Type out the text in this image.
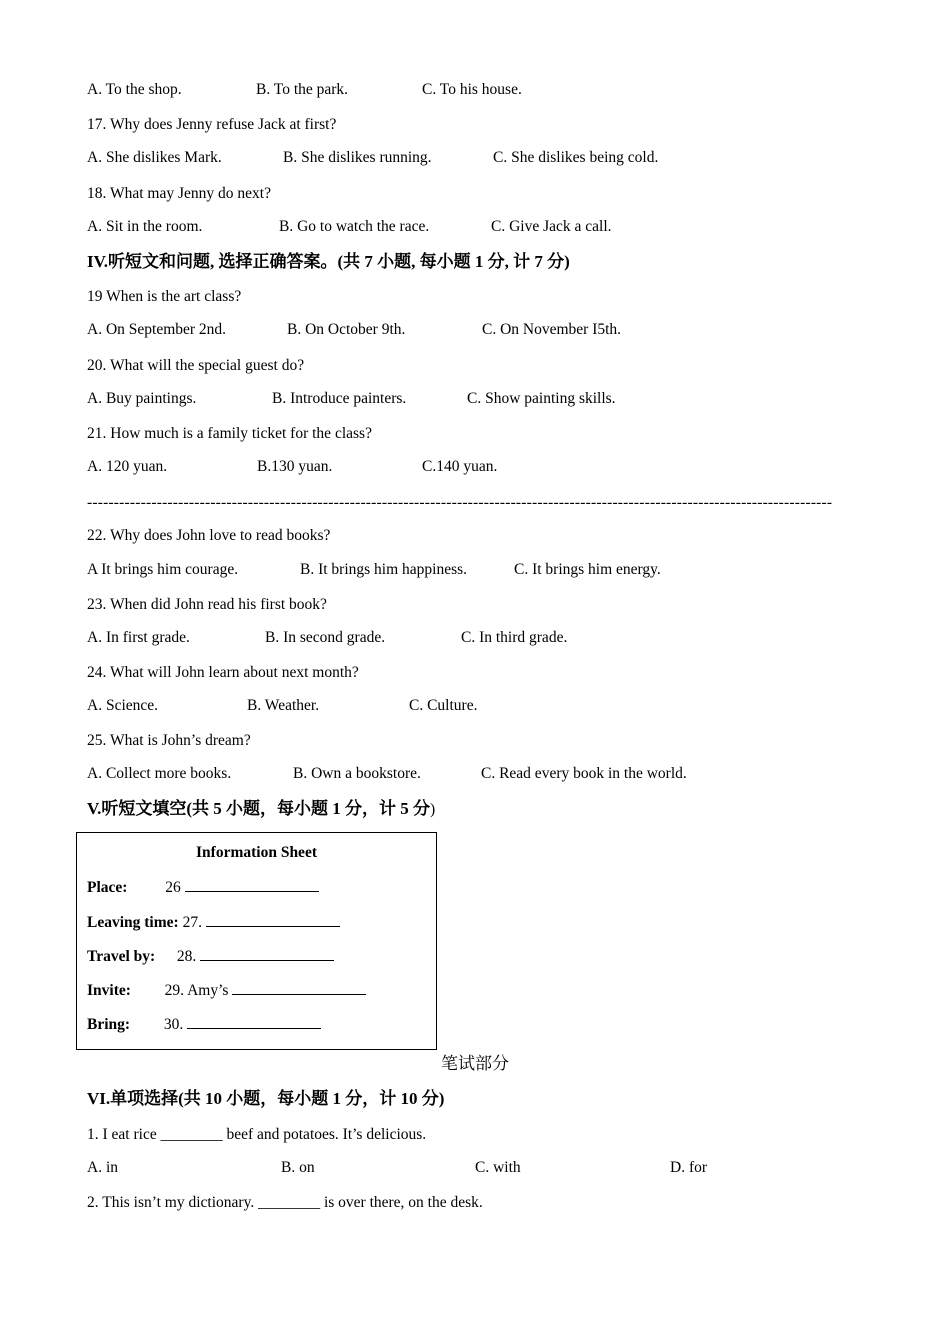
A. To the shop.	B. To the park.	C. To his house.
17. Why does Jenny refuse Jack at first?
A. She dislikes Mark.	B. She dislikes running.	C. She dislikes being cold.
18. What may Jenny do next?
A. Sit in the room.	B. Go to watch the race.	C. Give Jack a call.
IV.听短文和问题, 选择正确答案。(共 7 小题, 每小题 1 分, 计 7 分)
19 When is the art class?
A. On September 2nd.	B. On October 9th.	C. On November I5th.
20. What will the special guest do?
A. Buy paintings.	B. Introduce painters.	C. Show painting skills.
21. How much is a family ticket for the class?
A. 120 yuan.	B.130 yuan.	C.140 yuan.
-------------------------------------------------------------------------------------------------------------------------------------------
22. Why does John love to read books?
A It brings him courage.	B. It brings him happiness.	C. It brings him energy.
23. When did John read his first book?
A. In first grade.	B. In second grade.	C. In third grade.
24. What will John learn about next month?
A. Science.	B. Weather.	C. Culture.
25. What is John’s dream?
A. Collect more books.	B. Own a bookstore.	C. Read every book in the world.
V.听短文填空(共 5 小题，每小题 1 分，计 5 分)
Information Sheet
Place: 26
Leaving time: 27.
Travel by: 28.
Invite: 29. Amy’s
Bring: 30.
笔试部分
VI.单项选择(共 10 小题，每小题 1 分，计 10 分)
1. I eat rice ________ beef and potatoes. It’s delicious.
A. in	B. on	C. with	D. for
2. This isn’t my dictionary. ________ is over there, on the desk.
